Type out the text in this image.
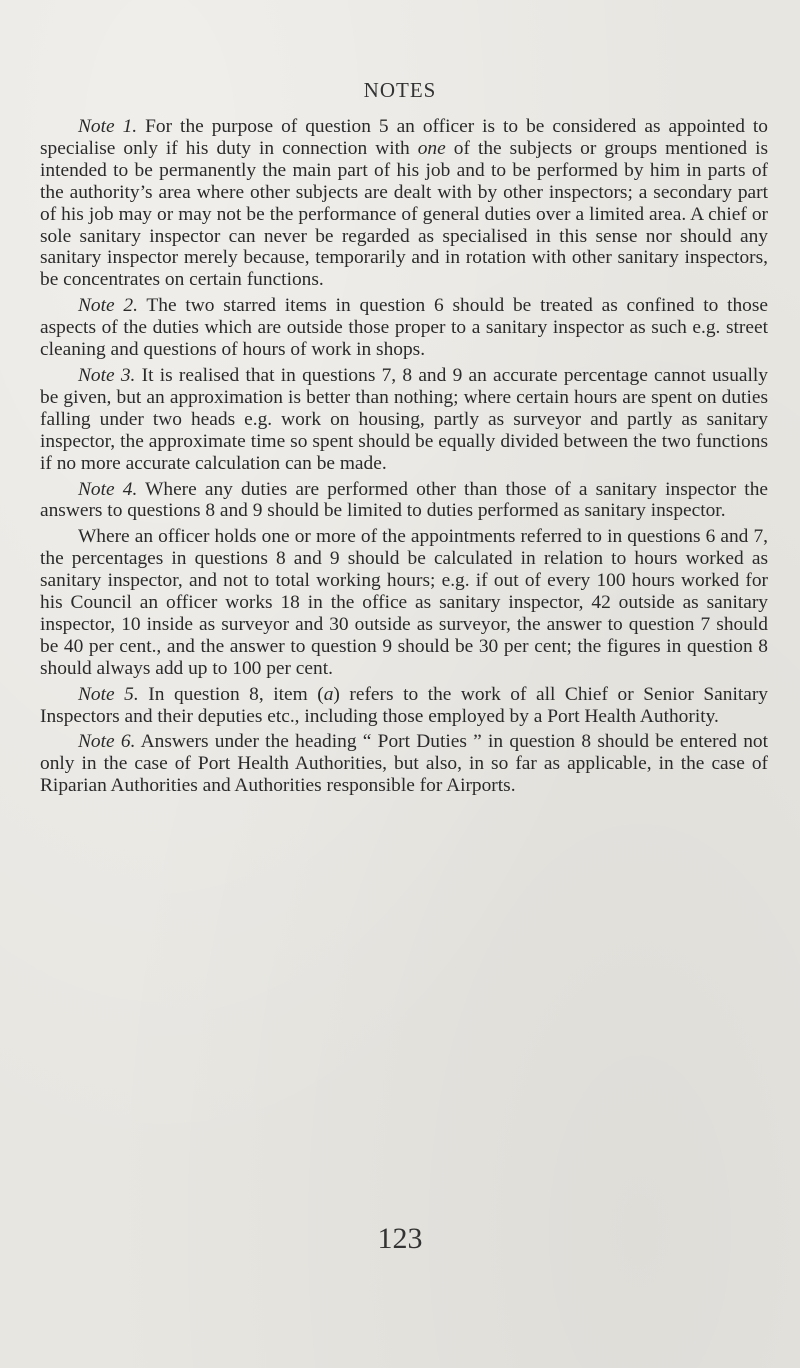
NOTES

Note 1. For the purpose of question 5 an officer is to be considered as appointed to specialise only if his duty in connection with one of the subjects or groups mentioned is intended to be permanently the main part of his job and to be performed by him in parts of the authority’s area where other subjects are dealt with by other inspectors; a secondary part of his job may or may not be the performance of general duties over a limited area. A chief or sole sanitary inspector can never be regarded as specialised in this sense nor should any sanitary inspector merely because, temporarily and in rotation with other sanitary inspectors, be concentrates on certain functions.

Note 2. The two starred items in question 6 should be treated as confined to those aspects of the duties which are outside those proper to a sanitary inspector as such e.g. street cleaning and questions of hours of work in shops.

Note 3. It is realised that in questions 7, 8 and 9 an accurate percentage cannot usually be given, but an approximation is better than nothing; where certain hours are spent on duties falling under two heads e.g. work on housing, partly as surveyor and partly as sanitary inspector, the approximate time so spent should be equally divided between the two functions if no more accurate calculation can be made.

Note 4. Where any duties are performed other than those of a sanitary inspector the answers to questions 8 and 9 should be limited to duties performed as sanitary inspector.

Where an officer holds one or more of the appointments referred to in questions 6 and 7, the percentages in questions 8 and 9 should be calculated in relation to hours worked as sanitary inspector, and not to total working hours; e.g. if out of every 100 hours worked for his Council an officer works 18 in the office as sanitary inspector, 42 outside as sanitary inspector, 10 inside as surveyor and 30 outside as surveyor, the answer to question 7 should be 40 per cent., and the answer to question 9 should be 30 per cent; the figures in question 8 should always add up to 100 per cent.

Note 5. In question 8, item (a) refers to the work of all Chief or Senior Sanitary Inspectors and their deputies etc., including those employed by a Port Health Authority.

Note 6. Answers under the heading “ Port Duties ” in question 8 should be entered not only in the case of Port Health Authorities, but also, in so far as applicable, in the case of Riparian Authorities and Authorities responsible for Airports.

123
